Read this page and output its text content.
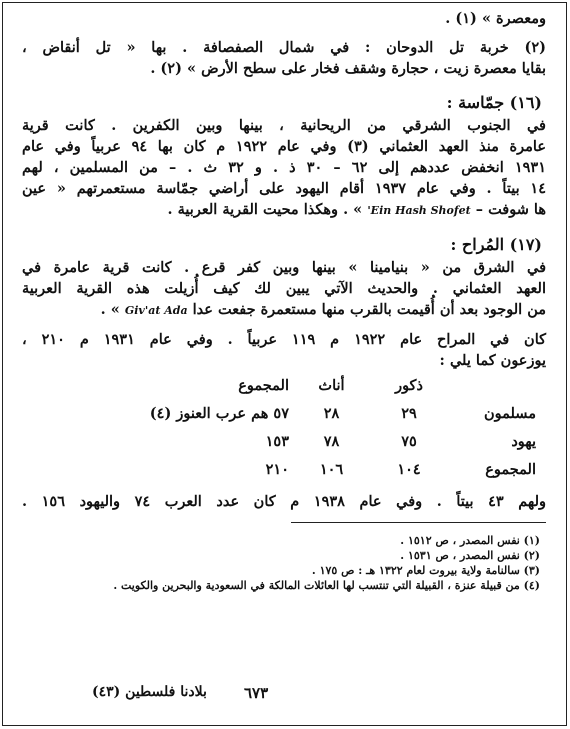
ومعصرة » (١) .
(٢) خربة تل الدوحان : في شمال الصفصافة . بها « تل أنقاض ،
بقايا معصرة زيت ، حجارة وشقف فخار على سطح الأرض » (٢) .
(١٦) جمّاسة :
في الجنوب الشرقي من الريحانية ، بينها وبين الكفرين . كانت قرية
عامرة منذ العهد العثماني (٣) وفي عام ١٩٢٢ م كان بها ٩٤ عربياً وفي عام
١٩٣١ انخفض عددهم إلى ٦٢ – ٣٠ ذ . و ٣٢ ث . – من المسلمين ، لهم
١٤ بيتاً . وفي عام ١٩٣٧ أقام اليهود على أراضي جمّاسة مستعمرتهم « عين
ها شوفت – 'Ein Hash Shofet » . وهكذا محيت القرية العربية .
(١٧) المُراح :
في الشرق من « بنيامينا » بينها وبين كفر قرع . كانت قرية عامرة في
العهد العثماني . والحديث الآتي يبين لك كيف أُزيلت هذه القرية العربية
من الوجود بعد أن أُقيمت بالقرب منها مستعمرة جفعت عدا Giv'at Ada » .
كان في المراح عام ١٩٢٢ م ١١٩ عربياً . وفي عام ١٩٣١ م ٢١٠ ،
يوزعون كما يلي :
	ذكور	أناث	المجموع
مسلمون	٢٩	٢٨	٥٧ هم عرب العنوز (٤)
يهود	٧٥	٧٨	١٥٣
المجموع	١٠٤	١٠٦	٢١٠
ولهم ٤٣ بيتاً . وفي عام ١٩٣٨ م كان عدد العرب ٧٤ واليهود ١٥٦ .
(١) نفس المصدر ، ص ١٥١٢ .
(٢) نفس المصدر ، ص ١٥٣١ .
(٣) سالنامة ولاية بيروت لعام ١٣٢٢ هـ : ص ١٧٥ .
(٤) من قبيلة عنزة ، القبيلة التي تنتسب لها العائلات المالكة في السعودية والبحرين والكويت .
بلادنا فلسطين (٤٣) ٦٧٣
